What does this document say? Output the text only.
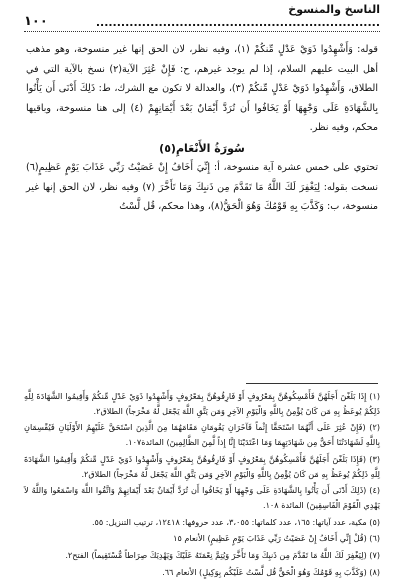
الناسخ والمنسوخ ....................................................................
١٠٠

قوله: وَأَشْهِدُوا ذَوَيْ عَدْلٍ مِّنكُمْ (١)، وفيه نظر، لان الحق إنها غير منسوخة، وهو مذهب أهل البيت عليهم السلام، إذا لم يوجد غيرهم، ح: فَإِنْ عُثِرَ الآية(٢) نسخ بالآية التي في الطلاق، وَأَشْهِدُوا ذَوَيْ عَدْلٍ مِّنكُمْ (٣)، والعدالة لا تكون مع الشرك، ط: ذَلِكَ أَدْنَى أَن يَأْتُوا بِالشَّهَادَةِ عَلَى وَجْهِهَا أَوْ يَخَافُوا أَن تُرَدَّ أَيْمَانٌ بَعْدَ أَيْمَانِهِمْ (٤) إلى هنا منسوخة، وباقيها محكم، وفيه نظر.

سُورَةُ الأَنْعَامِ(٥)

تحتوي على خمس عشرة آية منسوخة، أ: إِنِّيَ أَخَافُ إِنْ عَصَيْتُ رَبِّي عَذَابَ يَوْمٍ عَظِيمٍ(٦) نسخت بقوله: لِيَغْفِرَ لَكَ اللَّهُ مَا تَقَدَّمَ مِن ذَنبِكَ وَمَا تَأَخَّرَ (٧) وفيه نظر، لان الحق إنها غير منسوخة، ب: وَكَذَّبَ بِهِ قَوْمُكَ وَهُوَ الْحَقُّ(٨)، وهذا محكم، قُل لَّسْتُ

(١) إِذَا بَلَغْنَ أَجَلَهُنَّ فَأَمْسِكُوهُنَّ بِمَعْرُوفٍ أَوْ فَارِقُوهُنَّ بِمَعْرُوفٍ وَأَشْهِدُوا ذَوَيْ عَدْلٍ مِّنكُمْ وَأَقِيمُوا الشَّهَادَةَ لِلَّهِ ذَلِكُمْ يُوعَظُ بِهِ مَن كَانَ يُؤْمِنُ بِاللَّهِ وَالْيَوْمِ الآخِرِ وَمَن يَتَّقِ اللَّهَ يَجْعَل لَّهُ مَخْرَجاً) الطلاق٢.

(٢) (فَإِنْ عُثِرَ عَلَى أَنَّهُمَا اسْتَحَقَّا إِثْماً فَآخَرَانِ يَقُومَانِ مَقَامَهُمَا مِنَ الَّذِينَ اسْتَحَقَّ عَلَيْهِمُ الأَوْلَيَانِ فَيُقْسِمَانِ بِاللَّهِ لَشَهَادَتُنَا أَحَقُّ مِن شَهَادَتِهِمَا وَمَا اعْتَدَيْنَا إِنَّا إِذاً لَّمِنَ الظَّالِمِينَ) المائدة١٠٧.

(٣) (فَإِذَا بَلَغْنَ أَجَلَهُنَّ فَأَمْسِكُوهُنَّ بِمَعْرُوفٍ أَوْ فَارِقُوهُنَّ بِمَعْرُوفٍ وَأَشْهِدُوا ذَوَيْ عَدْلٍ مِّنكُمْ وَأَقِيمُوا الشَّهَادَةَ لِلَّهِ ذَلِكُمْ يُوعَظُ بِهِ مَن كَانَ يُؤْمِنُ بِاللَّهِ وَالْيَوْمِ الآخِرِ وَمَن يَتَّقِ اللَّهَ يَجْعَل لَّهُ مَخْرَجاً) الطلاق٢.

(٤) (ذَلِكَ أَدْنَى أَن يَأْتُوا بِالشَّهَادَةِ عَلَى وَجْهِهَا أَوْ يَخَافُوا أَن تُرَدَّ أَيْمَانٌ بَعْدَ أَيْمَانِهِمْ وَاتَّقُوا اللَّهَ وَاسْمَعُوا وَاللَّهُ لاَ يَهْدِي الْقَوْمَ الْفَاسِقِينَ) المائدة ١٠٨.

(٥) مكية، عدد آياتها: ١٦٥، عدد كلماتها: ٣،٠٥٥، عدد حروفها: ١٢٤١٨، ترتيب التنزيل: ٥٥.

(٦) (قُلْ إِنِّي أَخَافُ إِنْ عَصَيْتُ رَبِّي عَذَابَ يَوْمٍ عَظِيمٍ) الأنعام ١٥

(٧) (لِيَغْفِرَ لَكَ اللَّهُ مَا تَقَدَّمَ مِن ذَنبِكَ وَمَا تَأَخَّرَ وَيُتِمَّ نِعْمَتَهُ عَلَيْكَ وَيَهْدِيَكَ صِرَاطاً مُّسْتَقِيماً) الفتح٢.

(٨) (وَكَذَّبَ بِهِ قَوْمُكَ وَهُوَ الْحَقُّ قُل لَّسْتُ عَلَيْكُم بِوَكِيلٍ) الأنعام ٦٦.
